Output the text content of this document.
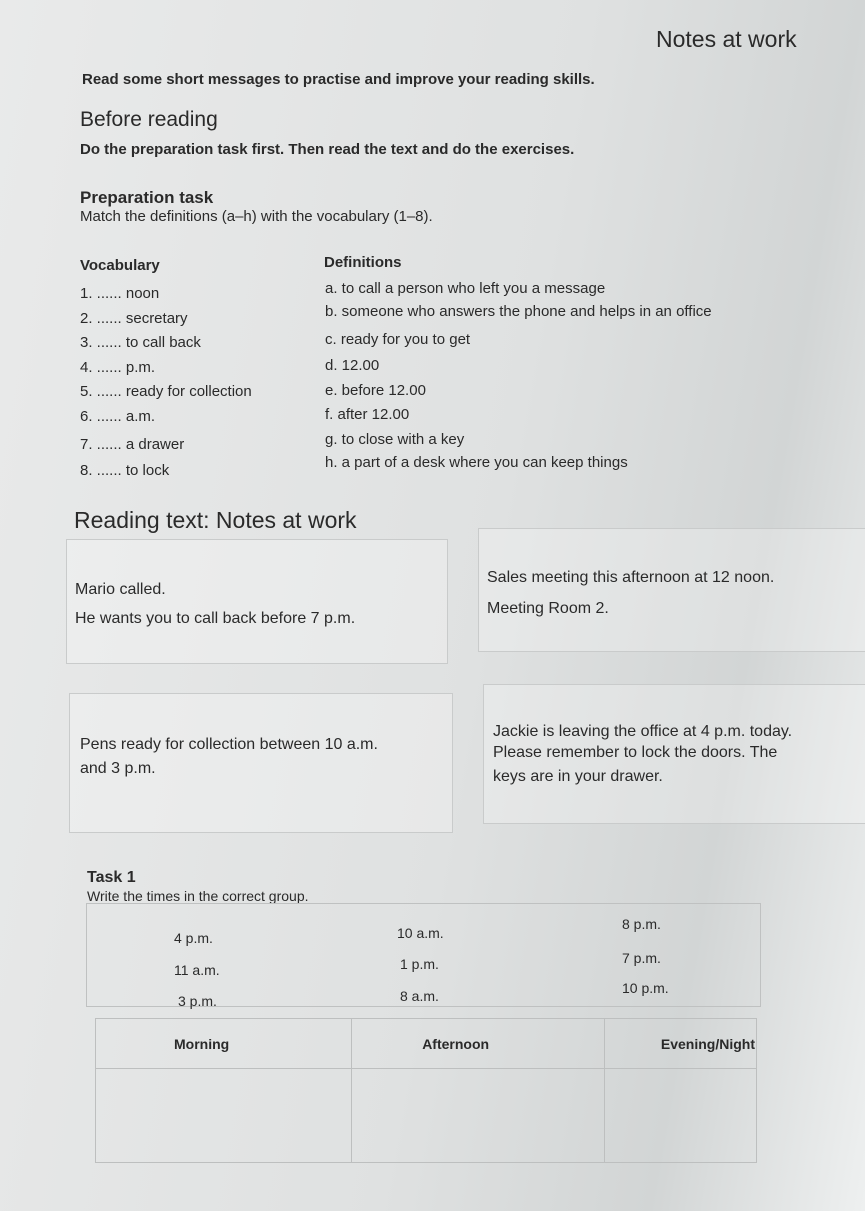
Notes at work
Read some short messages to practise and improve your reading skills.
Before reading
Do the preparation task first. Then read the text and do the exercises.
Preparation task
Match the definitions (a–h) with the vocabulary (1–8).
Vocabulary	Definitions
1. ...... noon
2. ...... secretary
3. ...... to call back
4. ...... p.m.
5. ...... ready for collection
6. ...... a.m.
7. ...... a drawer
8. ...... to lock
a. to call a person who left you a message
b. someone who answers the phone and helps in an office
c. ready for you to get
d. 12.00
e. before 12.00
f. after 12.00
g. to close with a key
h. a part of a desk where you can keep things
Reading text: Notes at work
Mario called.
He wants you to call back before 7 p.m.
Sales meeting this afternoon at 12 noon.
Meeting Room 2.
Pens ready for collection between 10 a.m.
and 3 p.m.
Jackie is leaving the office at 4 p.m. today.
Please remember to lock the doors. The
keys are in your drawer.
Task 1
Write the times in the correct group.
4 p.m.
11 a.m.
3 p.m.
10 a.m.
1 p.m.
8 a.m.
8 p.m.
7 p.m.
10 p.m.
Morning	Afternoon	Evening/Night
